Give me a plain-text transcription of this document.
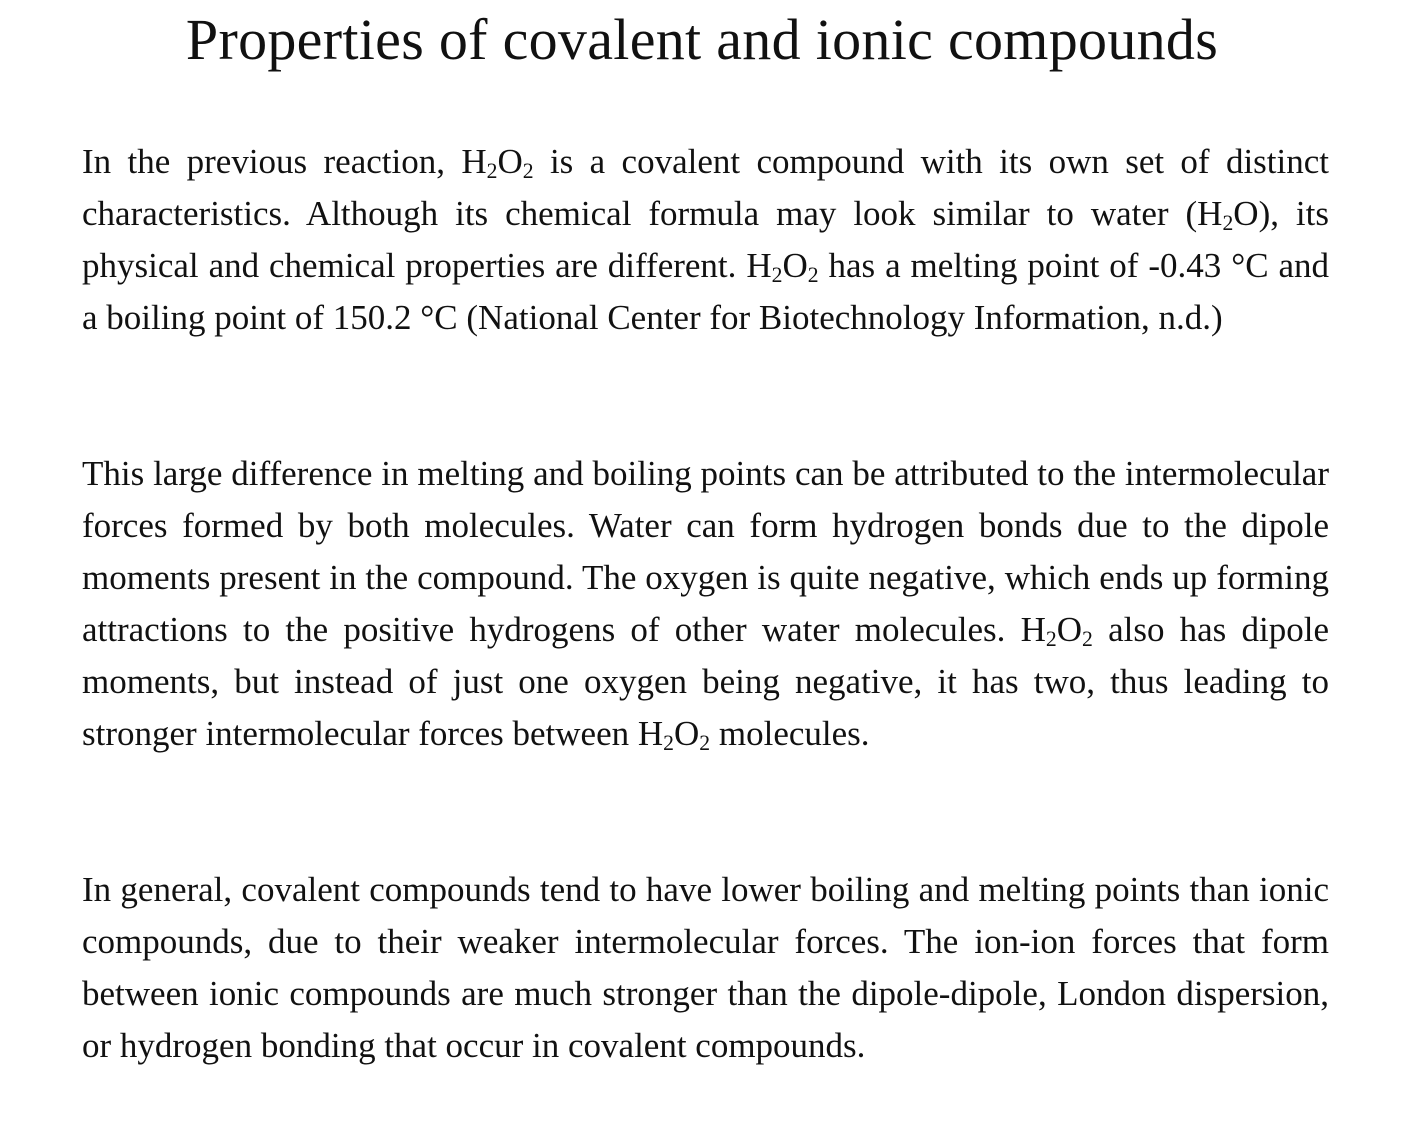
Properties of covalent and ionic compounds

In the previous reaction, $H_2O_2$ is a covalent compound with its own set of distinct characteristics. Although its chemical formula may look similar to water $(H_2O)$, its physical and chemical properties are different. $H_2O_2$ has a melting point of -0.43 °C and a boiling point of 150.2 °C (National Center for Biotechnology Information, n.d.)

This large difference in melting and boiling points can be attributed to the intermolecular forces formed by both molecules. Water can form hydrogen bonds due to the dipole moments present in the compound. The oxygen is quite negative, which ends up forming attractions to the positive hydrogens of other water molecules. $H_2O_2$ also has dipole moments, but instead of just one oxygen being negative, it has two, thus leading to stronger intermolecular forces between $H_2O_2$ molecules.

In general, covalent compounds tend to have lower boiling and melting points than ionic compounds, due to their weaker intermolecular forces. The ion-ion forces that form between ionic compounds are much stronger than the dipole-dipole, London dispersion, or hydrogen bonding that occur in covalent compounds.
